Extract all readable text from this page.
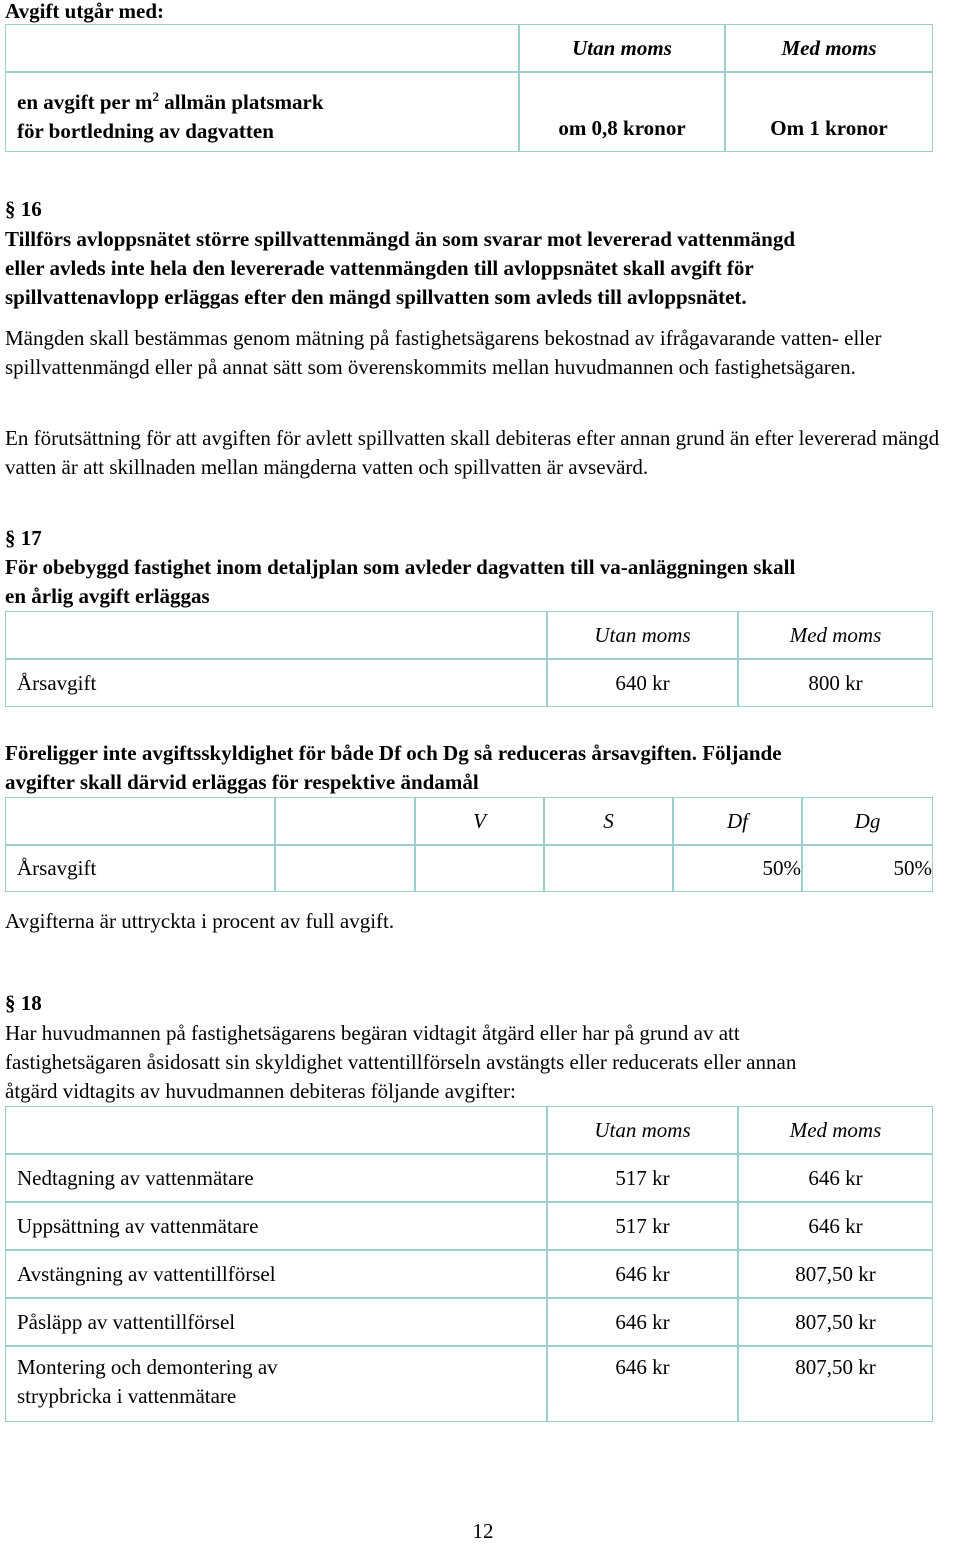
Avgift utgår med:
	Utan moms	Med moms
en avgift per $m^2$ allmän platsmark
för bortledning av dagvatten	om 0,8 kronor	Om 1 kronor
§ 16
Tillförs avloppsnätet större spillvattenmängd än som svarar mot levererad vattenmängd
eller avleds inte hela den levererade vattenmängden till avloppsnätet skall avgift för
spillvattenavlopp erläggas efter den mängd spillvatten som avleds till avloppsnätet.
Mängden skall bestämmas genom mätning på fastighetsägarens bekostnad av ifrågavarande vatten- eller spillvattenmängd eller på annat sätt som överenskommits mellan huvudmannen och fastighetsägaren.
En förutsättning för att avgiften för avlett spillvatten skall debiteras efter annan grund än efter levererad mängd vatten är att skillnaden mellan mängderna vatten och spillvatten är avsevärd.
§ 17
För obebyggd fastighet inom detaljplan som avleder dagvatten till va-anläggningen skall
en årlig avgift erläggas
	Utan moms	Med moms
Årsavgift	640 kr	800 kr
Föreligger inte avgiftsskyldighet för både Df och Dg så reduceras årsavgiften. Följande
avgifter skall därvid erläggas för respektive ändamål
		V	S	Df	Dg
Årsavgift				50%	50%
Avgifterna är uttryckta i procent av full avgift.
§ 18
Har huvudmannen på fastighetsägarens begäran vidtagit åtgärd eller har på grund av att
fastighetsägaren åsidosatt sin skyldighet vattentillförseln avstängts eller reducerats eller annan
åtgärd vidtagits av huvudmannen debiteras följande avgifter:
	Utan moms	Med moms
Nedtagning av vattenmätare	517 kr	646 kr
Uppsättning av vattenmätare	517 kr	646 kr
Avstängning av vattentillförsel	646 kr	807,50 kr
Påsläpp av vattentillförsel	646 kr	807,50 kr
Montering och demontering av
strypbricka i vattenmätare	646 kr	807,50 kr
12
